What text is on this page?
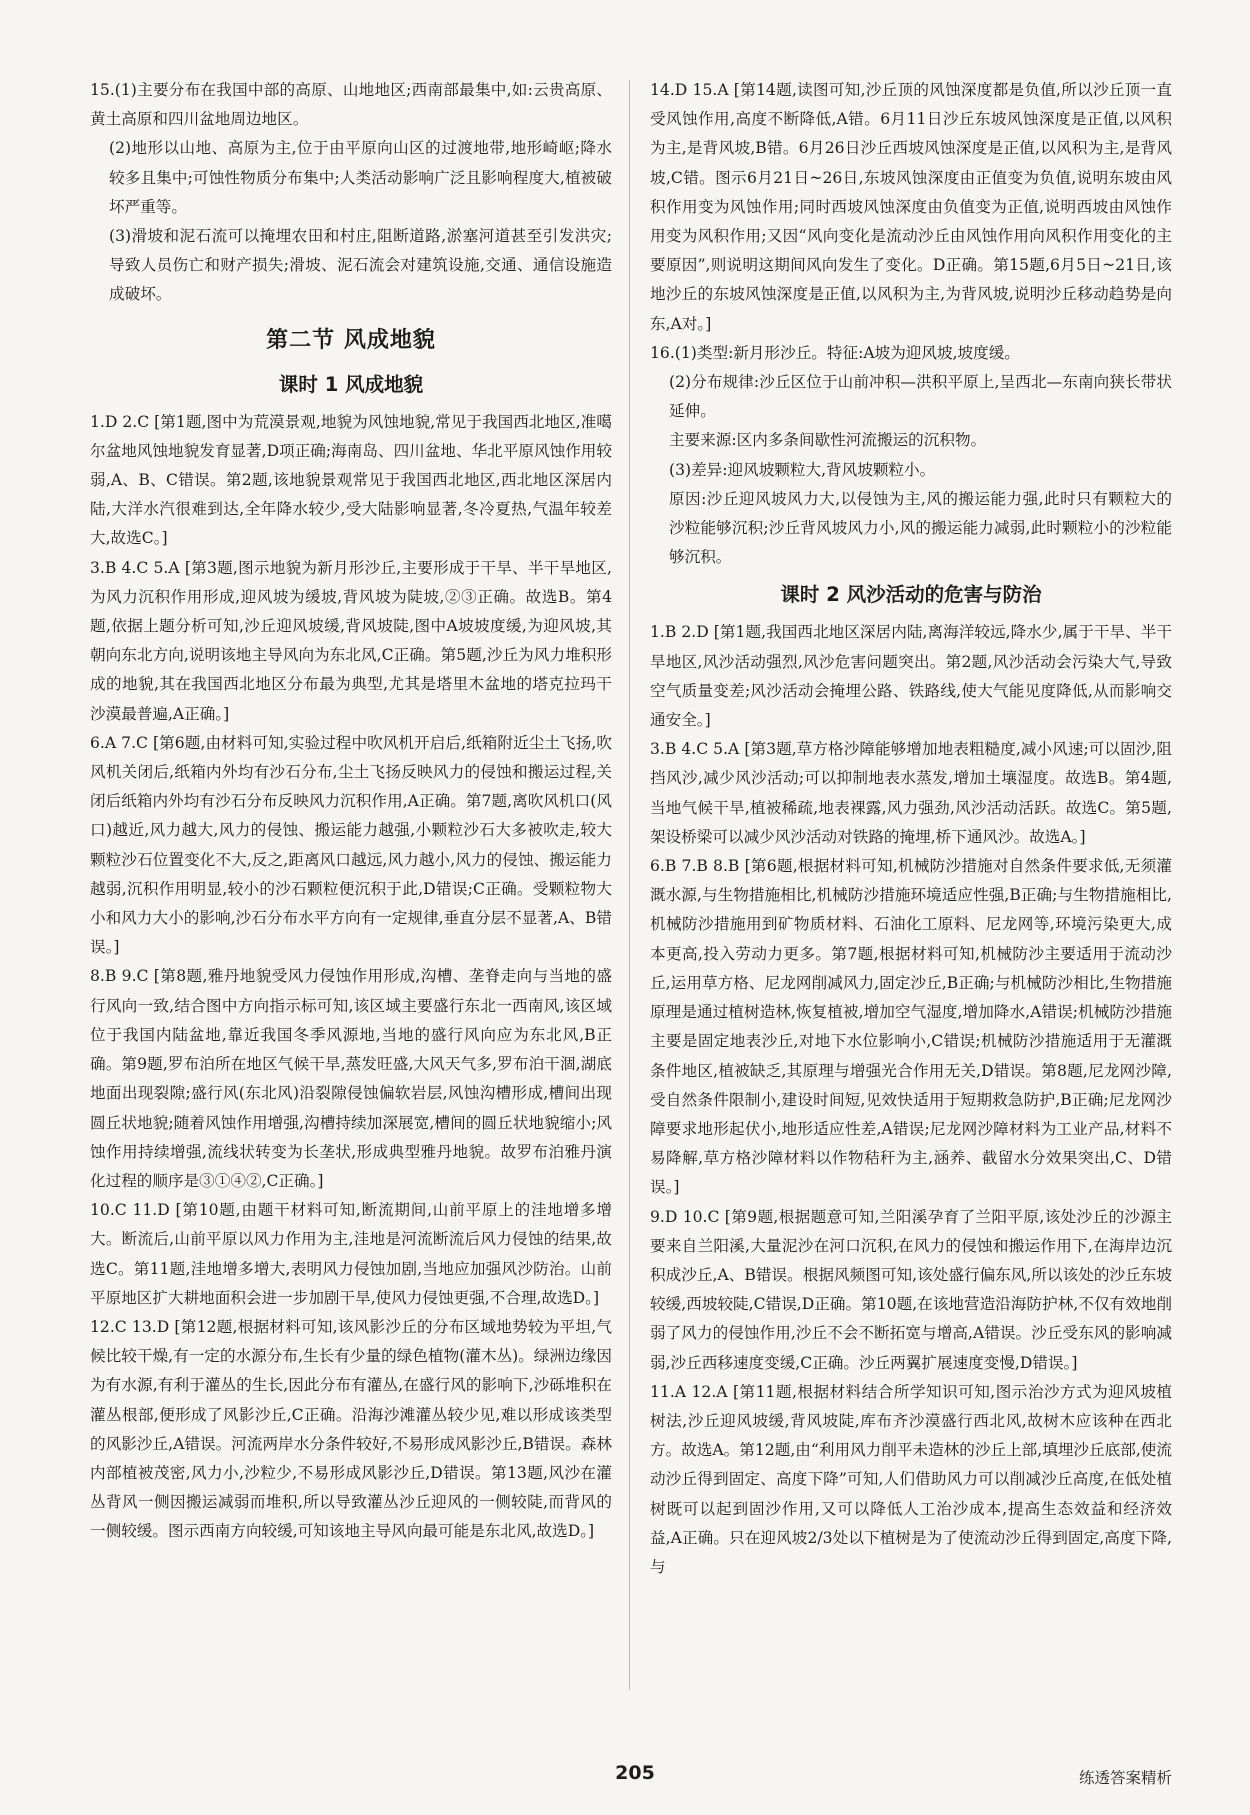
15.(1)主要分布在我国中部的高原、山地地区;西南部最集中,如:云贵高原、黄土高原和四川盆地周边地区。

(2)地形以山地、高原为主,位于由平原向山区的过渡地带,地形崎岖;降水较多且集中;可蚀性物质分布集中;人类活动影响广泛且影响程度大,植被破坏严重等。

(3)滑坡和泥石流可以掩埋农田和村庄,阻断道路,淤塞河道甚至引发洪灾;导致人员伤亡和财产损失;滑坡、泥石流会对建筑设施,交通、通信设施造成破坏。

第二节 风成地貌
课时 1 风成地貌

1.D 2.C [第1题,图中为荒漠景观,地貌为风蚀地貌,常见于我国西北地区,准噶尔盆地风蚀地貌发育显著,D项正确;海南岛、四川盆地、华北平原风蚀作用较弱,A、B、C错误。第2题,该地貌景观常见于我国西北地区,西北地区深居内陆,大洋水汽很难到达,全年降水较少,受大陆影响显著,冬冷夏热,气温年较差大,故选C。]

3.B 4.C 5.A [第3题,图示地貌为新月形沙丘,主要形成于干旱、半干旱地区,为风力沉积作用形成,迎风坡为缓坡,背风坡为陡坡,②③正确。故选B。第4题,依据上题分析可知,沙丘迎风坡缓,背风坡陡,图中A坡坡度缓,为迎风坡,其朝向东北方向,说明该地主导风向为东北风,C正确。第5题,沙丘为风力堆积形成的地貌,其在我国西北地区分布最为典型,尤其是塔里木盆地的塔克拉玛干沙漠最普遍,A正确。]

6.A 7.C [第6题,由材料可知,实验过程中吹风机开启后,纸箱附近尘土飞扬,吹风机关闭后,纸箱内外均有沙石分布,尘土飞扬反映风力的侵蚀和搬运过程,关闭后纸箱内外均有沙石分布反映风力沉积作用,A正确。第7题,离吹风机口(风口)越近,风力越大,风力的侵蚀、搬运能力越强,小颗粒沙石大多被吹走,较大颗粒沙石位置变化不大,反之,距离风口越远,风力越小,风力的侵蚀、搬运能力越弱,沉积作用明显,较小的沙石颗粒便沉积于此,D错误;C正确。受颗粒物大小和风力大小的影响,沙石分布水平方向有一定规律,垂直分层不显著,A、B错误。]

8.B 9.C [第8题,雅丹地貌受风力侵蚀作用形成,沟槽、垄脊走向与当地的盛行风向一致,结合图中方向指示标可知,该区域主要盛行东北一西南风,该区域位于我国内陆盆地,靠近我国冬季风源地,当地的盛行风向应为东北风,B正确。第9题,罗布泊所在地区气候干旱,蒸发旺盛,大风天气多,罗布泊干涸,湖底地面出现裂隙;盛行风(东北风)沿裂隙侵蚀偏软岩层,风蚀沟槽形成,槽间出现圆丘状地貌;随着风蚀作用增强,沟槽持续加深展宽,槽间的圆丘状地貌缩小;风蚀作用持续增强,流线状转变为长垄状,形成典型雅丹地貌。故罗布泊雅丹演化过程的顺序是③①④②,C正确。]

10.C 11.D [第10题,由题干材料可知,断流期间,山前平原上的洼地增多增大。断流后,山前平原以风力作用为主,洼地是河流断流后风力侵蚀的结果,故选C。第11题,洼地增多增大,表明风力侵蚀加剧,当地应加强风沙防治。山前平原地区扩大耕地面积会进一步加剧干旱,使风力侵蚀更强,不合理,故选D。]

12.C 13.D [第12题,根据材料可知,该风影沙丘的分布区域地势较为平坦,气候比较干燥,有一定的水源分布,生长有少量的绿色植物(灌木丛)。绿洲边缘因为有水源,有利于灌丛的生长,因此分布有灌丛,在盛行风的影响下,沙砾堆积在灌丛根部,便形成了风影沙丘,C正确。沿海沙滩灌丛较少见,难以形成该类型的风影沙丘,A错误。河流两岸水分条件较好,不易形成风影沙丘,B错误。森林内部植被茂密,风力小,沙粒少,不易形成风影沙丘,D错误。第13题,风沙在灌丛背风一侧因搬运减弱而堆积,所以导致灌丛沙丘迎风的一侧较陡,而背风的一侧较缓。图示西南方向较缓,可知该地主导风向最可能是东北风,故选D。]

14.D 15.A [第14题,读图可知,沙丘顶的风蚀深度都是负值,所以沙丘顶一直受风蚀作用,高度不断降低,A错。6月11日沙丘东坡风蚀深度是正值,以风积为主,是背风坡,B错。6月26日沙丘西坡风蚀深度是正值,以风积为主,是背风坡,C错。图示6月21日~26日,东坡风蚀深度由正值变为负值,说明东坡由风积作用变为风蚀作用;同时西坡风蚀深度由负值变为正值,说明西坡由风蚀作用变为风积作用;又因“风向变化是流动沙丘由风蚀作用向风积作用变化的主要原因”,则说明这期间风向发生了变化。D正确。第15题,6月5日~21日,该地沙丘的东坡风蚀深度是正值,以风积为主,为背风坡,说明沙丘移动趋势是向东,A对。]

16.(1)类型:新月形沙丘。特征:A坡为迎风坡,坡度缓。

(2)分布规律:沙丘区位于山前冲积—洪积平原上,呈西北—东南向狭长带状延伸。

主要来源:区内多条间歇性河流搬运的沉积物。

(3)差异:迎风坡颗粒大,背风坡颗粒小。

原因:沙丘迎风坡风力大,以侵蚀为主,风的搬运能力强,此时只有颗粒大的沙粒能够沉积;沙丘背风坡风力小,风的搬运能力减弱,此时颗粒小的沙粒能够沉积。

课时 2 风沙活动的危害与防治

1.B 2.D [第1题,我国西北地区深居内陆,离海洋较远,降水少,属于干旱、半干旱地区,风沙活动强烈,风沙危害问题突出。第2题,风沙活动会污染大气,导致空气质量变差;风沙活动会掩埋公路、铁路线,使大气能见度降低,从而影响交通安全。]

3.B 4.C 5.A [第3题,草方格沙障能够增加地表粗糙度,减小风速;可以固沙,阻挡风沙,减少风沙活动;可以抑制地表水蒸发,增加土壤湿度。故选B。第4题,当地气候干旱,植被稀疏,地表裸露,风力强劲,风沙活动活跃。故选C。第5题,架设桥梁可以减少风沙活动对铁路的掩埋,桥下通风沙。故选A。]

6.B 7.B 8.B [第6题,根据材料可知,机械防沙措施对自然条件要求低,无须灌溉水源,与生物措施相比,机械防沙措施环境适应性强,B正确;与生物措施相比,机械防沙措施用到矿物质材料、石油化工原料、尼龙网等,环境污染更大,成本更高,投入劳动力更多。第7题,根据材料可知,机械防沙主要适用于流动沙丘,运用草方格、尼龙网削减风力,固定沙丘,B正确;与机械防沙相比,生物措施原理是通过植树造林,恢复植被,增加空气湿度,增加降水,A错误;机械防沙措施主要是固定地表沙丘,对地下水位影响小,C错误;机械防沙措施适用于无灌溉条件地区,植被缺乏,其原理与增强光合作用无关,D错误。第8题,尼龙网沙障,受自然条件限制小,建设时间短,见效快适用于短期救急防护,B正确;尼龙网沙障要求地形起伏小,地形适应性差,A错误;尼龙网沙障材料为工业产品,材料不易降解,草方格沙障材料以作物秸秆为主,涵养、截留水分效果突出,C、D错误。]

9.D 10.C [第9题,根据题意可知,兰阳溪孕育了兰阳平原,该处沙丘的沙源主要来自兰阳溪,大量泥沙在河口沉积,在风力的侵蚀和搬运作用下,在海岸边沉积成沙丘,A、B错误。根据风频图可知,该处盛行偏东风,所以该处的沙丘东坡较缓,西坡较陡,C错误,D正确。第10题,在该地营造沿海防护林,不仅有效地削弱了风力的侵蚀作用,沙丘不会不断拓宽与增高,A错误。沙丘受东风的影响减弱,沙丘西移速度变缓,C正确。沙丘两翼扩展速度变慢,D错误。]

11.A 12.A [第11题,根据材料结合所学知识可知,图示治沙方式为迎风坡植树法,沙丘迎风坡缓,背风坡陡,库布齐沙漠盛行西北风,故树木应该种在西北方。故选A。第12题,由“利用风力削平未造林的沙丘上部,填埋沙丘底部,使流动沙丘得到固定、高度下降”可知,人们借助风力可以削减沙丘高度,在低处植树既可以起到固沙作用,又可以降低人工治沙成本,提高生态效益和经济效益,A正确。只在迎风坡2/3处以下植树是为了使流动沙丘得到固定,高度下降,与

205	练透答案精析
